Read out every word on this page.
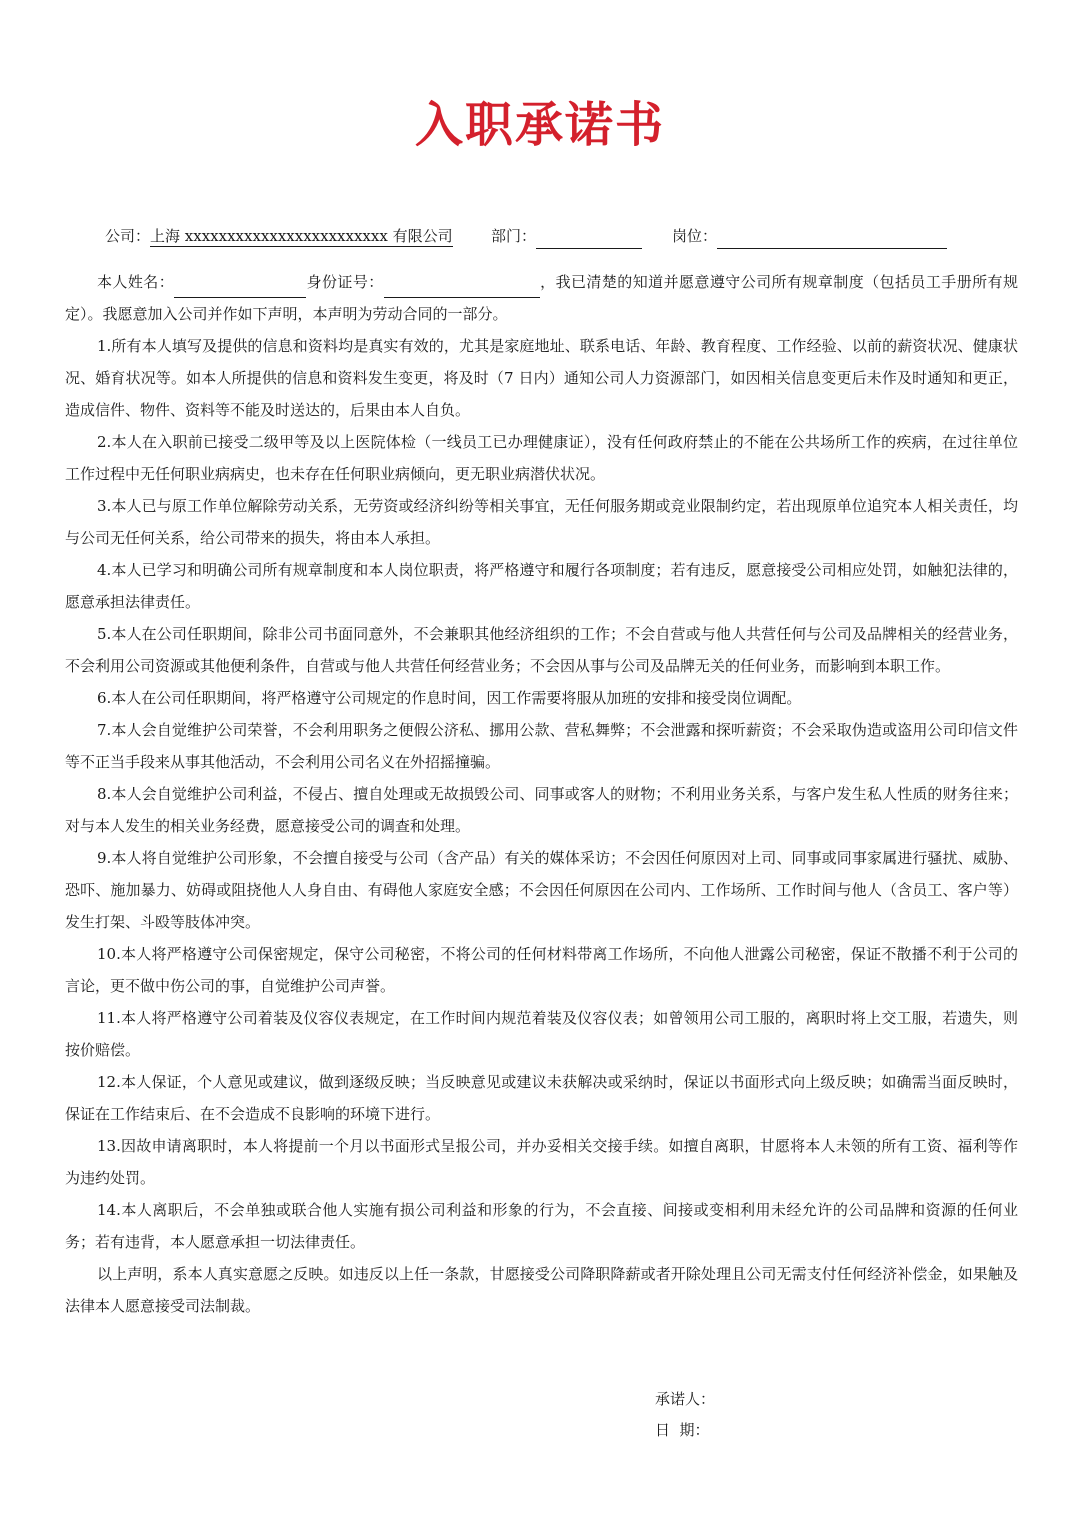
入职承诺书
公司：上海 xxxxxxxxxxxxxxxxxxxxxxxx 有限公司	部门：	岗位：

本人姓名：	身份证号：	，我已清楚的知道并愿意遵守公司所有规章制度（包括员工手册所有规定）。我愿意加入公司并作如下声明，本声明为劳动合同的一部分。

1.所有本人填写及提供的信息和资料均是真实有效的，尤其是家庭地址、联系电话、年龄、教育程度、工作经验、以前的薪资状况、健康状况、婚育状况等。如本人所提供的信息和资料发生变更，将及时（7 日内）通知公司人力资源部门，如因相关信息变更后未作及时通知和更正，造成信件、物件、资料等不能及时送达的，后果由本人自负。

2.本人在入职前已接受二级甲等及以上医院体检（一线员工已办理健康证），没有任何政府禁止的不能在公共场所工作的疾病，在过往单位工作过程中无任何职业病病史，也未存在任何职业病倾向，更无职业病潜伏状况。

3.本人已与原工作单位解除劳动关系，无劳资或经济纠纷等相关事宜，无任何服务期或竞业限制约定，若出现原单位追究本人相关责任，均与公司无任何关系，给公司带来的损失，将由本人承担。

4.本人已学习和明确公司所有规章制度和本人岗位职责，将严格遵守和履行各项制度；若有违反，愿意接受公司相应处罚，如触犯法律的，愿意承担法律责任。

5.本人在公司任职期间，除非公司书面同意外，不会兼职其他经济组织的工作；不会自营或与他人共营任何与公司及品牌相关的经营业务，不会利用公司资源或其他便利条件，自营或与他人共营任何经营业务；不会因从事与公司及品牌无关的任何业务，而影响到本职工作。

6.本人在公司任职期间，将严格遵守公司规定的作息时间，因工作需要将服从加班的安排和接受岗位调配。

7.本人会自觉维护公司荣誉，不会利用职务之便假公济私、挪用公款、营私舞弊；不会泄露和探听薪资；不会采取伪造或盗用公司印信文件等不正当手段来从事其他活动，不会利用公司名义在外招摇撞骗。

8.本人会自觉维护公司利益，不侵占、擅自处理或无故损毁公司、同事或客人的财物；不利用业务关系，与客户发生私人性质的财务往来；对与本人发生的相关业务经费，愿意接受公司的调查和处理。

9.本人将自觉维护公司形象，不会擅自接受与公司（含产品）有关的媒体采访；不会因任何原因对上司、同事或同事家属进行骚扰、威胁、恐吓、施加暴力、妨碍或阻挠他人人身自由、有碍他人家庭安全感；不会因任何原因在公司内、工作场所、工作时间与他人（含员工、客户等）发生打架、斗殴等肢体冲突。

10.本人将严格遵守公司保密规定，保守公司秘密，不将公司的任何材料带离工作场所，不向他人泄露公司秘密，保证不散播不利于公司的言论，更不做中伤公司的事，自觉维护公司声誉。

11.本人将严格遵守公司着装及仪容仪表规定，在工作时间内规范着装及仪容仪表；如曾领用公司工服的，离职时将上交工服，若遗失，则按价赔偿。

12.本人保证，个人意见或建议，做到逐级反映；当反映意见或建议未获解决或采纳时，保证以书面形式向上级反映；如确需当面反映时，保证在工作结束后、在不会造成不良影响的环境下进行。

13.因故申请离职时，本人将提前一个月以书面形式呈报公司，并办妥相关交接手续。如擅自离职，甘愿将本人未领的所有工资、福利等作为违约处罚。

14.本人离职后，不会单独或联合他人实施有损公司利益和形象的行为，不会直接、间接或变相利用未经允许的公司品牌和资源的任何业务；若有违背，本人愿意承担一切法律责任。

以上声明，系本人真实意愿之反映。如违反以上任一条款，甘愿接受公司降职降薪或者开除处理且公司无需支付任何经济补偿金，如果触及法律本人愿意接受司法制裁。

承诺人：
日  期：
